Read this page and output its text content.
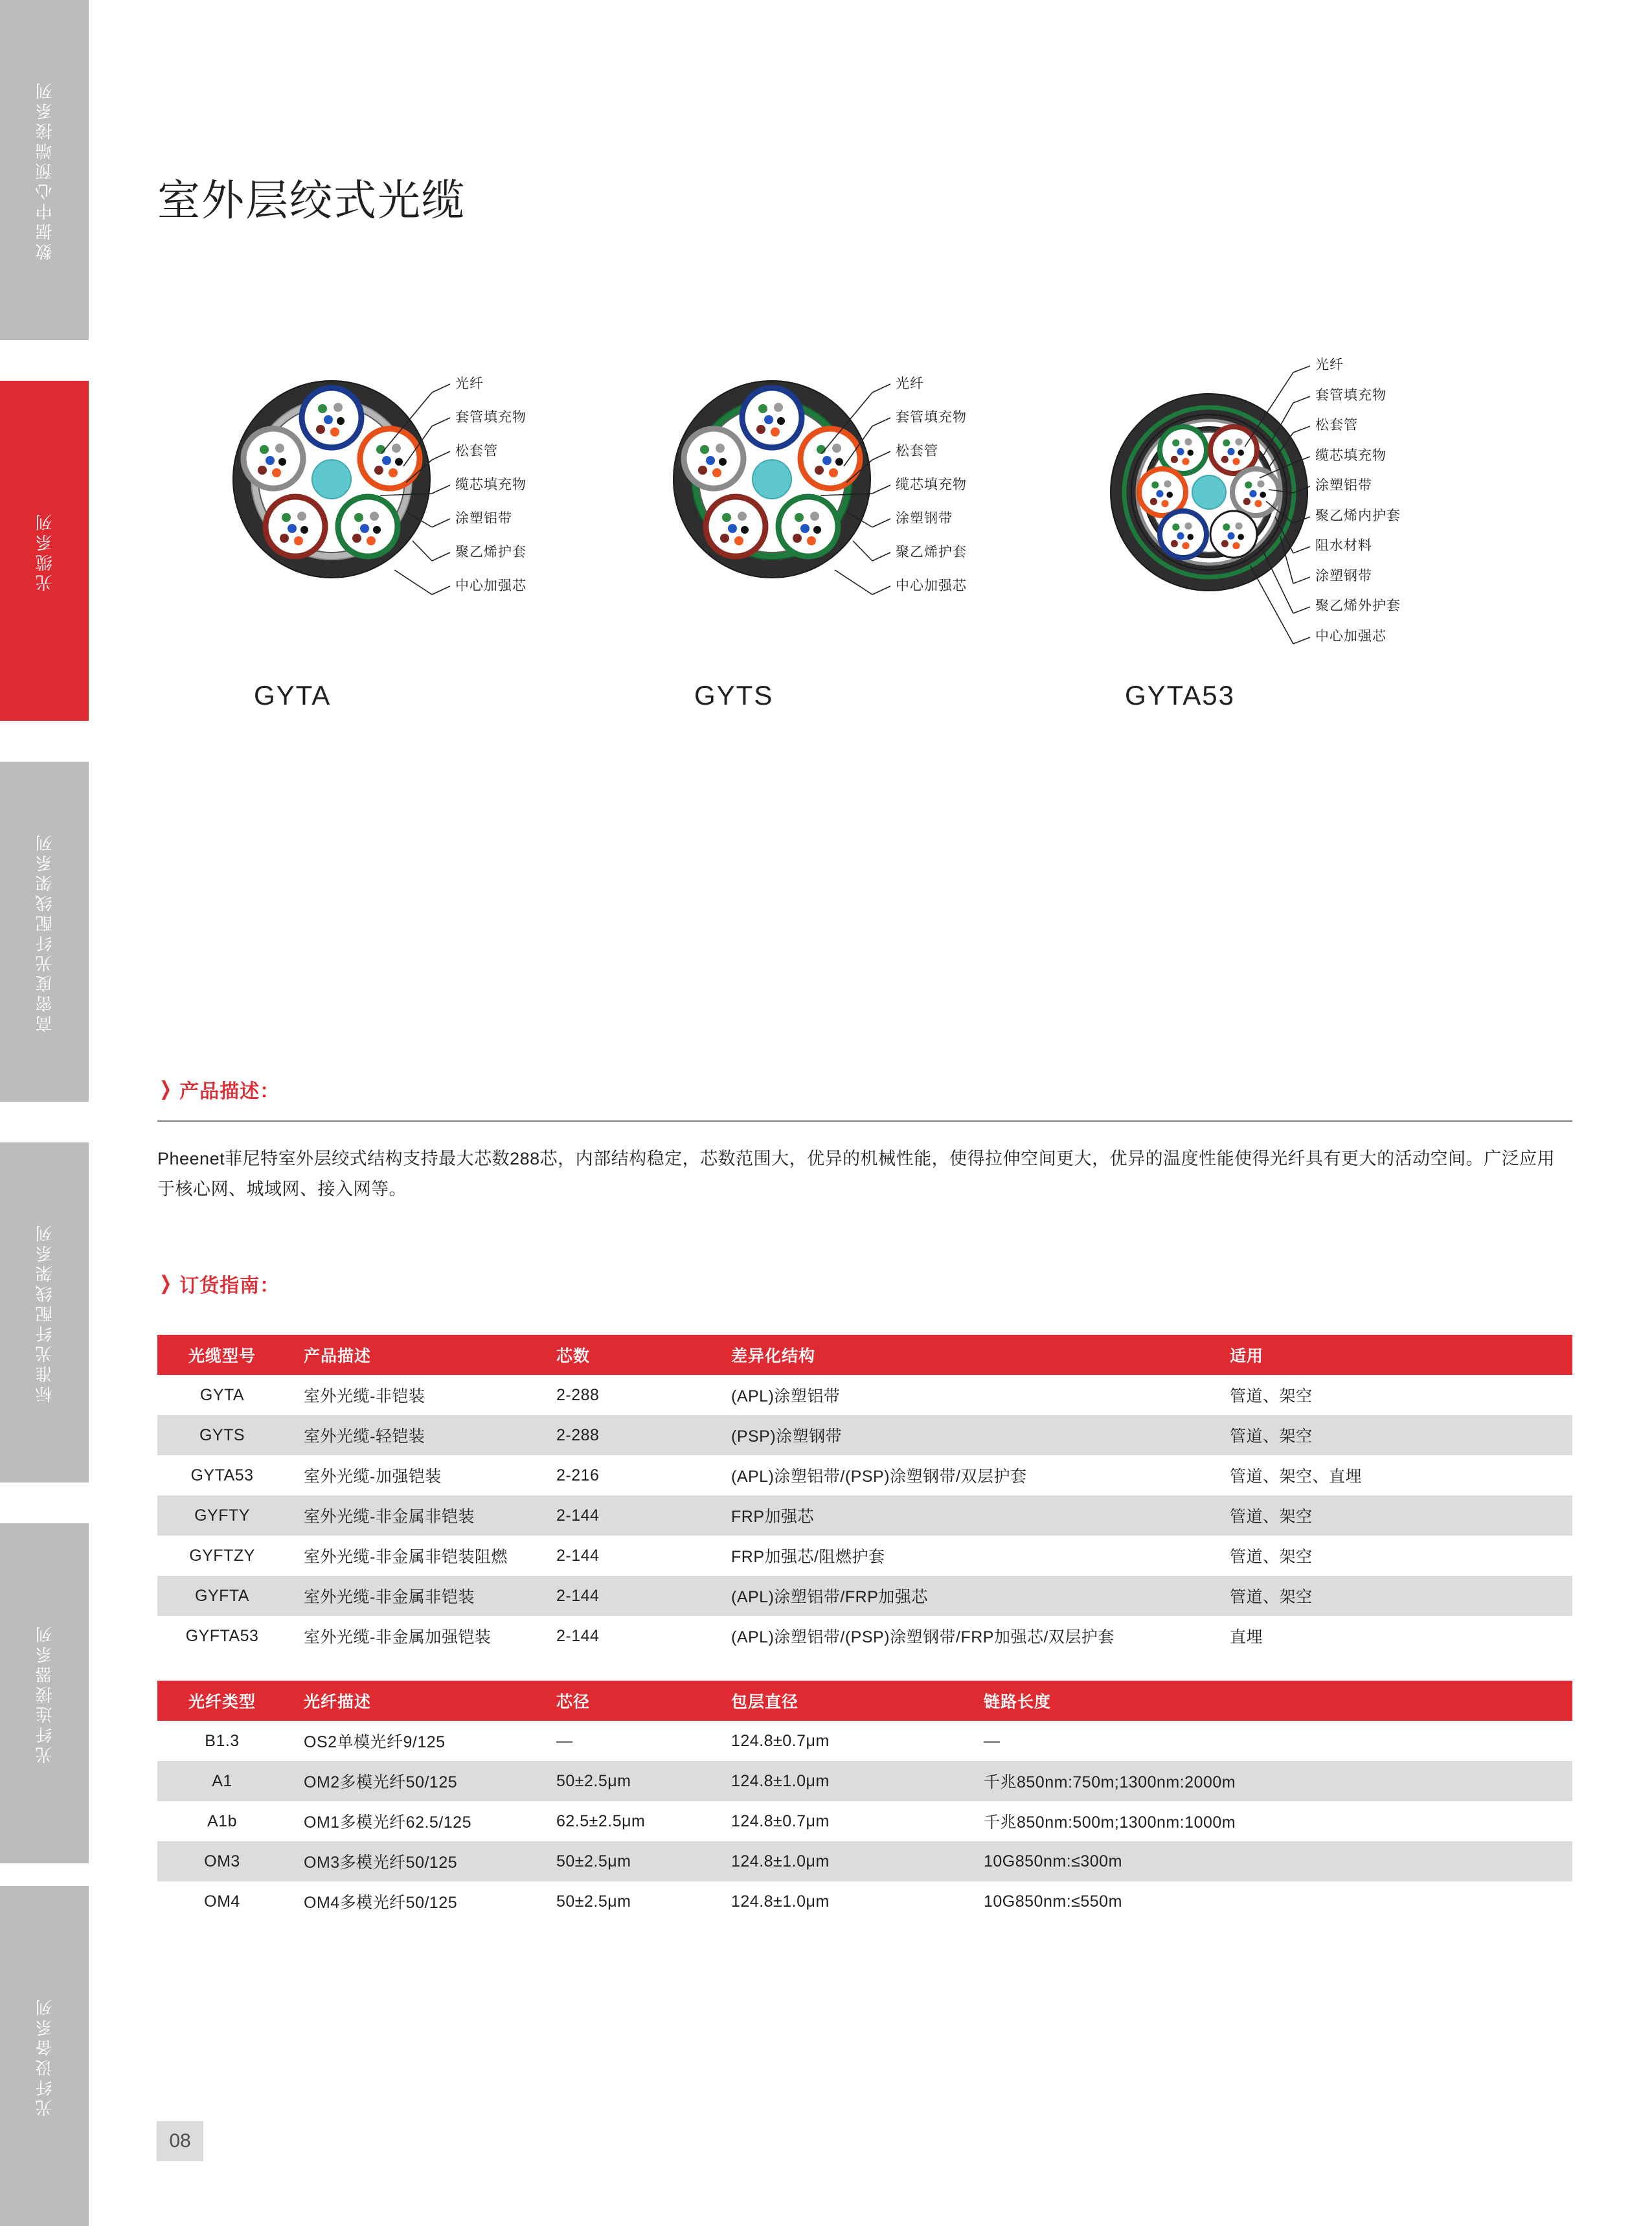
数据中心预端接系列
光缆系列
高密度光纤配线架系列
标准光纤配线架系列
光纤连接器系列
光纤设备系列
室外层绞式光缆
光纤
套管填充物
松套管
缆芯填充物
涂塑铝带
聚乙烯护套
中心加强芯
GYTA
光纤
套管填充物
松套管
缆芯填充物
涂塑钢带
聚乙烯护套
中心加强芯
GYTS
光纤
套管填充物
松套管
缆芯填充物
涂塑铝带
聚乙烯内护套
阻水材料
涂塑钢带
聚乙烯外护套
中心加强芯
GYTA53
❯ 产品描述：

Pheenet菲尼特室外层绞式结构支持最大芯数288芯，内部结构稳定，芯数范围大，优异的机械性能，使得拉伸空间更大，优异的温度性能使得光纤具有更大的活动空间。广泛应用于核心网、城域网、接入网等。

❯ 订货指南：
光缆型号	产品描述	芯数	差异化结构	适用
GYTA	室外光缆-非铠装	2-288	(APL)涂塑铝带	管道、架空
GYTS	室外光缆-轻铠装	2-288	(PSP)涂塑钢带	管道、架空
GYTA53	室外光缆-加强铠装	2-216	(APL)涂塑铝带/(PSP)涂塑钢带/双层护套	管道、架空、直埋
GYFTY	室外光缆-非金属非铠装	2-144	FRP加强芯	管道、架空
GYFTZY	室外光缆-非金属非铠装阻燃	2-144	FRP加强芯/阻燃护套	管道、架空
GYFTA	室外光缆-非金属非铠装	2-144	(APL)涂塑铝带/FRP加强芯	管道、架空
GYFTA53	室外光缆-非金属加强铠装	2-144	(APL)涂塑铝带/(PSP)涂塑钢带/FRP加强芯/双层护套	直埋
光纤类型	光纤描述	芯径	包层直径	链路长度
B1.3	OS2单模光纤9/125	—	124.8±0.7μm	—
A1	OM2多模光纤50/125	50±2.5μm	124.8±1.0μm	千兆850nm:750m;1300nm:2000m
A1b	OM1多模光纤62.5/125	62.5±2.5μm	124.8±0.7μm	千兆850nm:500m;1300nm:1000m
OM3	OM3多模光纤50/125	50±2.5μm	124.8±1.0μm	10G850nm:≤300m
OM4	OM4多模光纤50/125	50±2.5μm	124.8±1.0μm	10G850nm:≤550m
08
